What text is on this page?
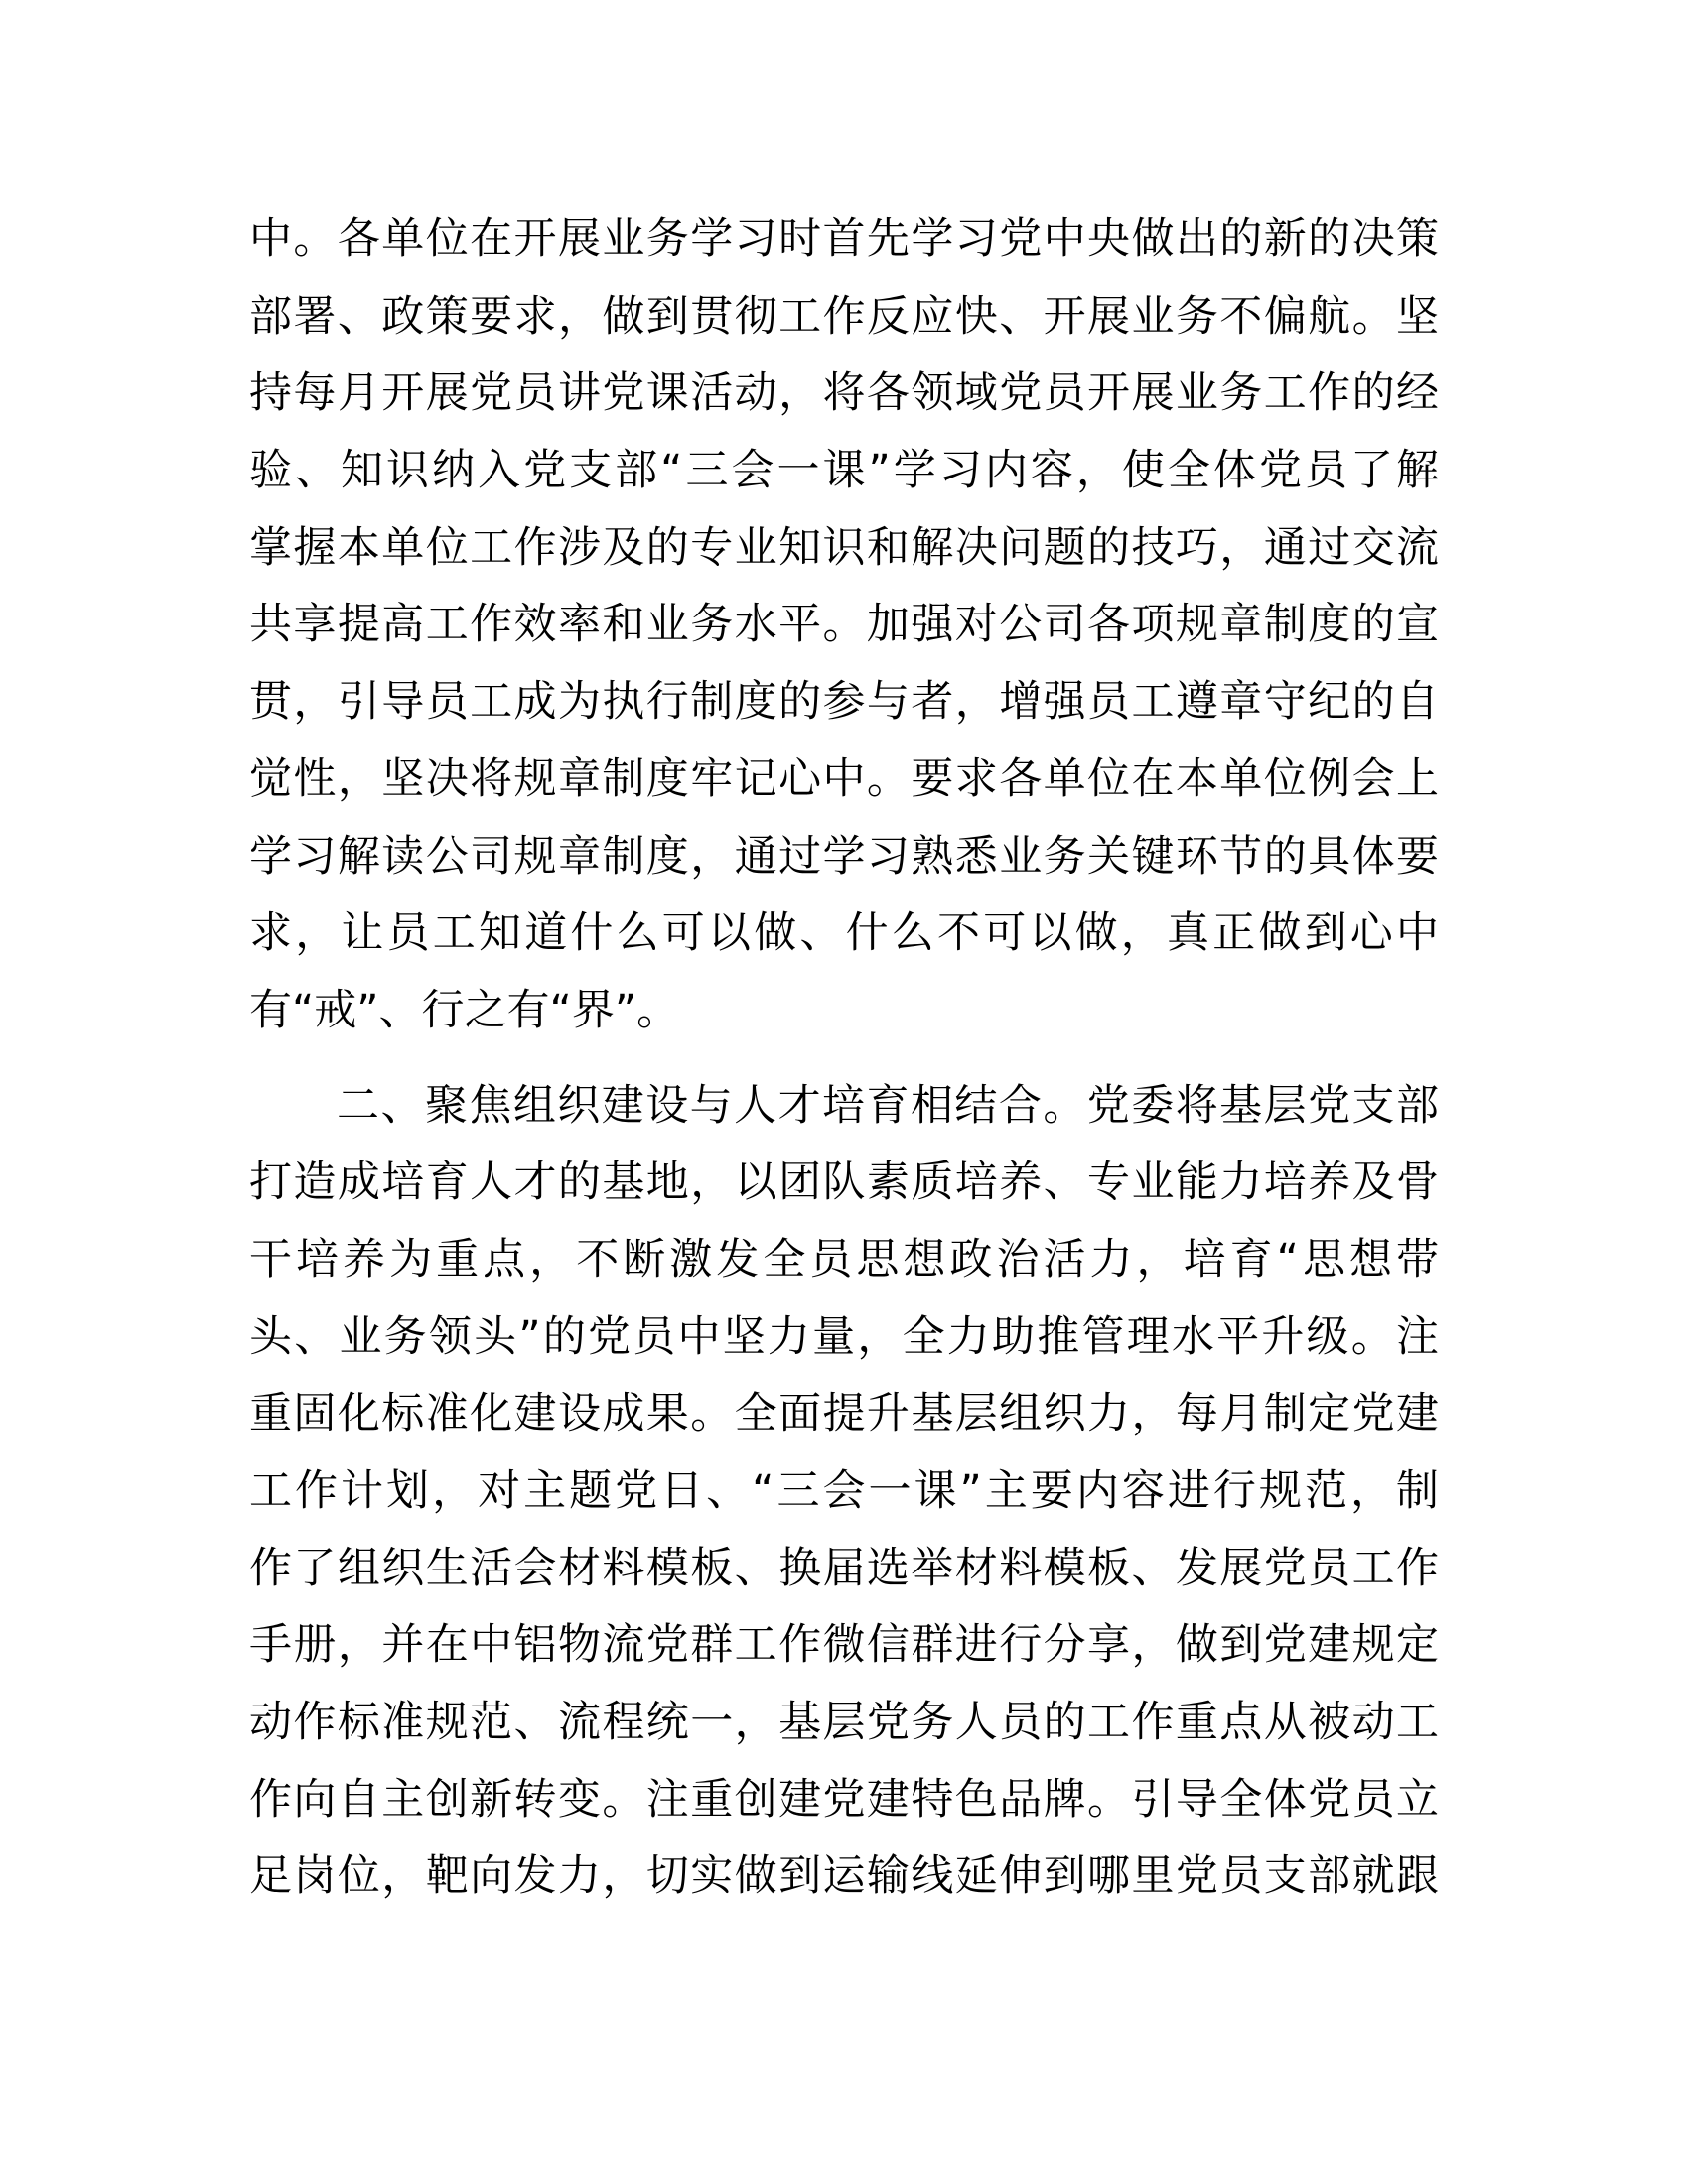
中。各单位在开展业务学习时首先学习党中央做出的新的决策
部署、政策要求，做到贯彻工作反应快、开展业务不偏航。坚
持每月开展党员讲党课活动，将各领域党员开展业务工作的经
验、知识纳入党支部“三会一课”学习内容，使全体党员了解
掌握本单位工作涉及的专业知识和解决问题的技巧，通过交流
共享提高工作效率和业务水平。加强对公司各项规章制度的宣
贯，引导员工成为执行制度的参与者，增强员工遵章守纪的自
觉性，坚决将规章制度牢记心中。要求各单位在本单位例会上
学习解读公司规章制度，通过学习熟悉业务关键环节的具体要
求，让员工知道什么可以做、什么不可以做，真正做到心中
有“戒”、行之有“界”。

二、聚焦组织建设与人才培育相结合。党委将基层党支部
打造成培育人才的基地，以团队素质培养、专业能力培养及骨
干培养为重点，不断激发全员思想政治活力，培育“思想带
头、业务领头”的党员中坚力量，全力助推管理水平升级。注
重固化标准化建设成果。全面提升基层组织力，每月制定党建
工作计划，对主题党日、“三会一课”主要内容进行规范，制
作了组织生活会材料模板、换届选举材料模板、发展党员工作
手册，并在中铝物流党群工作微信群进行分享，做到党建规定
动作标准规范、流程统一，基层党务人员的工作重点从被动工
作向自主创新转变。注重创建党建特色品牌。引导全体党员立
足岗位，靶向发力，切实做到运输线延伸到哪里党员支部就跟
